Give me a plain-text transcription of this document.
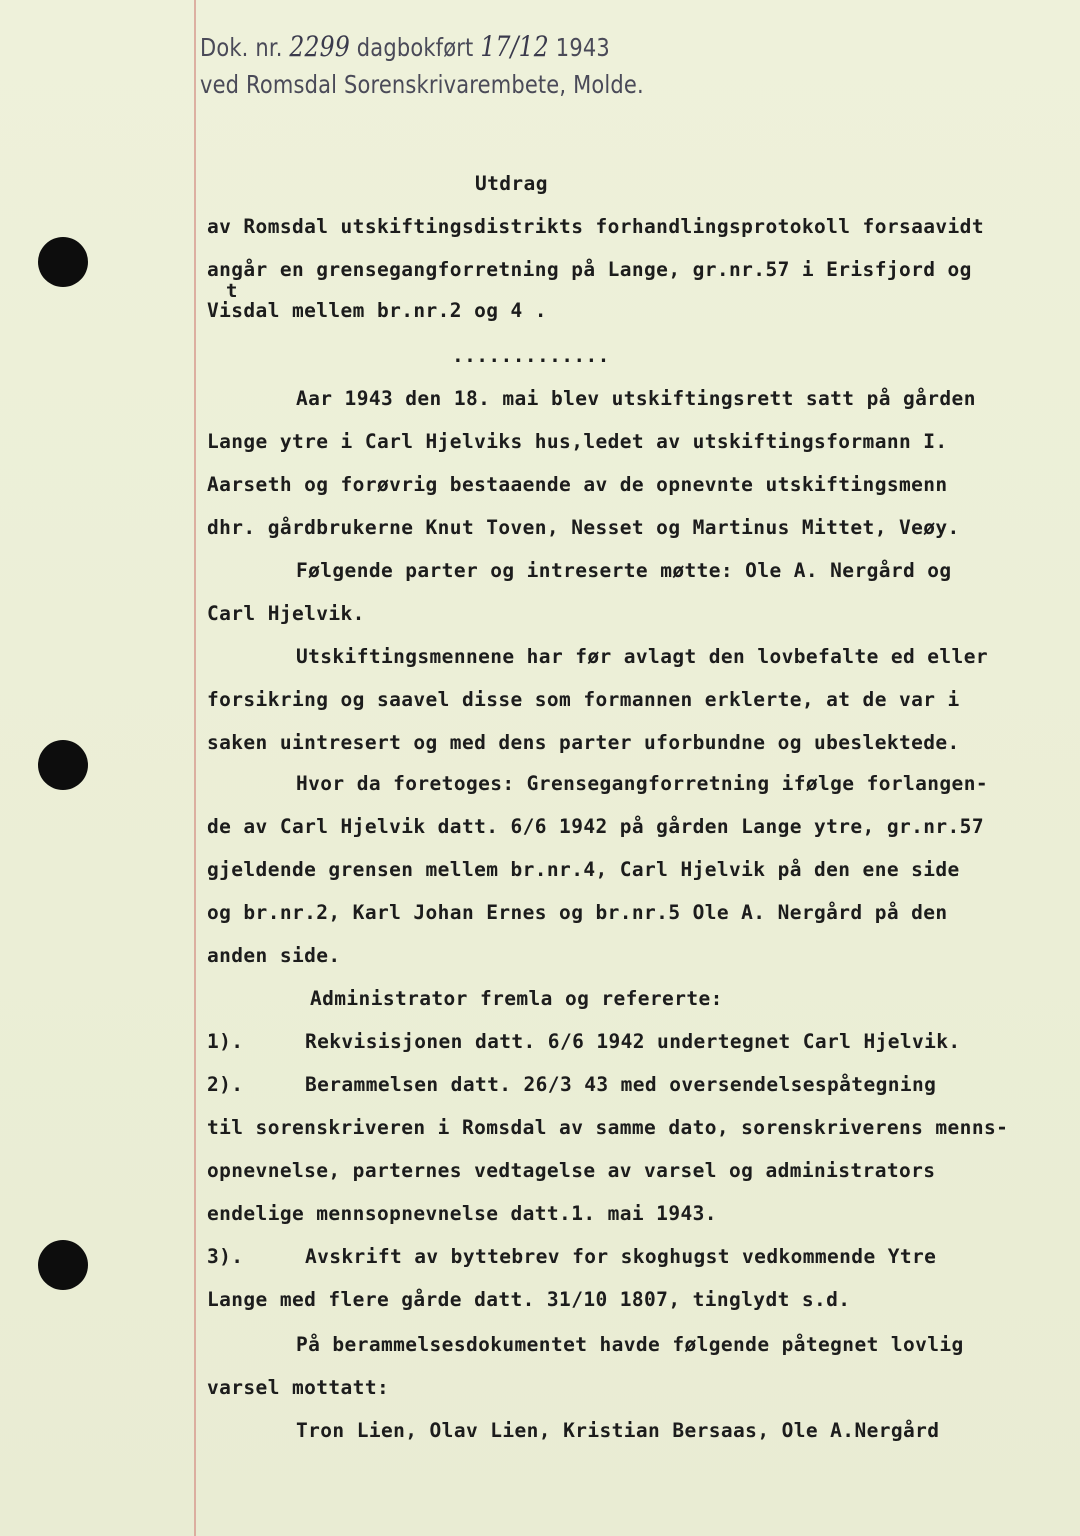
Dok. nr. 2299 dagbokført 17/12 1943
ved Romsdal Sorenskrivarembete, Molde.
Utdrag
av Romsdal utskiftingsdistrikts forhandlingsprotokoll forsaavidt
angår en grensegangforretning på Lange, gr.nr.57 i Erisfjord og
t
Visdal mellem br.nr.2 og 4 .
.............
Aar 1943 den 18. mai blev utskiftingsrett satt på gården
Lange ytre i Carl Hjelviks hus,ledet av utskiftingsformann I.
Aarseth og forøvrig bestaaende av de opnevnte utskiftingsmenn
dhr. gårdbrukerne Knut Toven, Nesset og Martinus Mittet, Veøy.
Følgende parter og intreserte møtte: Ole A. Nergård og
Carl Hjelvik.
Utskiftingsmennene har før avlagt den lovbefalte ed eller
forsikring og saavel disse som formannen erklerte, at de var i
saken uintresert og med dens parter uforbundne og ubeslektede.
Hvor da foretoges: Grensegangforretning ifølge forlangen-
de av Carl Hjelvik datt. 6/6 1942 på gården Lange ytre, gr.nr.57
gjeldende grensen mellem br.nr.4, Carl Hjelvik på den ene side
og br.nr.2, Karl Johan Ernes og br.nr.5 Ole A. Nergård på den
anden side.
Administrator fremla og refererte:
1).	Rekvisisjonen datt. 6/6 1942 undertegnet Carl Hjelvik.
2).	Berammelsen datt. 26/3 43 med oversendelsespåtegning
til sorenskriveren i Romsdal av samme dato, sorenskriverens menns-
opnevnelse, parternes vedtagelse av varsel og administrators
endelige mennsopnevnelse datt.1. mai 1943.
3).	Avskrift av byttebrev for skoghugst vedkommende Ytre
Lange med flere gårde datt. 31/10 1807, tinglydt s.d.
På berammelsesdokumentet havde følgende påtegnet lovlig
varsel mottatt:
Tron Lien, Olav Lien, Kristian Bersaas, Ole A.Nergård
